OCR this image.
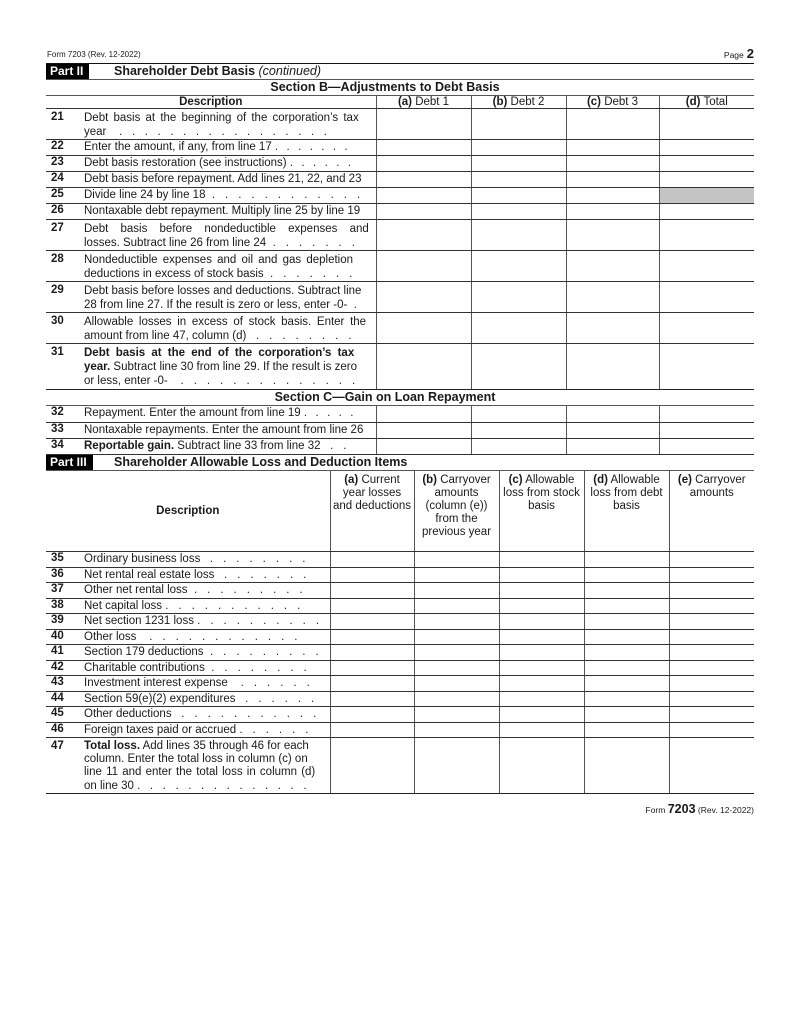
Form 7203 (Rev. 12-2022)	Page 2
Part II	Shareholder Debt Basis (continued)
Section B—Adjustments to Debt Basis
Description		(a) Debt 1	(b) Debt 2	(c) Debt 3	(d) Total
21	Debt basis at the beginning of the corporation’s tax
year . . . . . . . . . . . . . . . . .				

22	Enter the amount, if any, from line 17 . . . . . . .				
23	Debt basis restoration (see instructions) . . . . . .				
24	Debt basis before repayment. Add lines 21, 22, and 23				
25	Divide line 24 by line 18 . . . . . . . . . . . .				
26	Nontaxable debt repayment. Multiply line 25 by line 19				
27	Debt basis before nondeductible expenses and
losses. Subtract line 26 from line 24 . . . . . . .				

28	Nondeductible expenses and oil and gas depletion
deductions in excess of stock basis . . . . . . .				

29	Debt basis before losses and deductions. Subtract line
28 from line 27. If the result is zero or less, enter -0- .				

30	Allowable losses in excess of stock basis. Enter the
amount from line 47, column (d) . . . . . . . .				

31	Debt basis at the end of the corporation’s tax
year. Subtract line 30 from line 29. If the result is zero
or less, enter -0- . . . . . . . . . . . . . .				

Section C—Gain on Loan Repayment
32	Repayment. Enter the amount from line 19 . . . . .				
33	Nontaxable repayments. Enter the amount from line 26				
34	Reportable gain. Subtract line 33 from line 32 . .				
Part III	Shareholder Allowable Loss and Deduction Items
Description		(a) Current year losses and deductions	(b) Carryover amounts (column (e)) from the previous year	(c) Allowable loss from stock basis	(d) Allowable loss from debt basis	(e) Carryover amounts
35	Ordinary business loss . . . . . . . .					
36	Net rental real estate loss . . . . . . .					
37	Other net rental loss . . . . . . . . .					
38	Net capital loss . . . . . . . . . . .					
39	Net section 1231 loss . . . . . . . . . .					
40	Other loss . . . . . . . . . . . .					
41	Section 179 deductions . . . . . . . . .					
42	Charitable contributions . . . . . . . .					
43	Investment interest expense . . . . . .					
44	Section 59(e)(2) expenditures . . . . . .					
45	Other deductions . . . . . . . . . . .					
46	Foreign taxes paid or accrued . . . . . .					
47	Total loss. Add lines 35 through 46 for each
column. Enter the total loss in column (c) on
line 11 and enter the total loss in column (d)
on line 30 . . . . . . . . . . . . . .					

Form 7203 (Rev. 12-2022)
